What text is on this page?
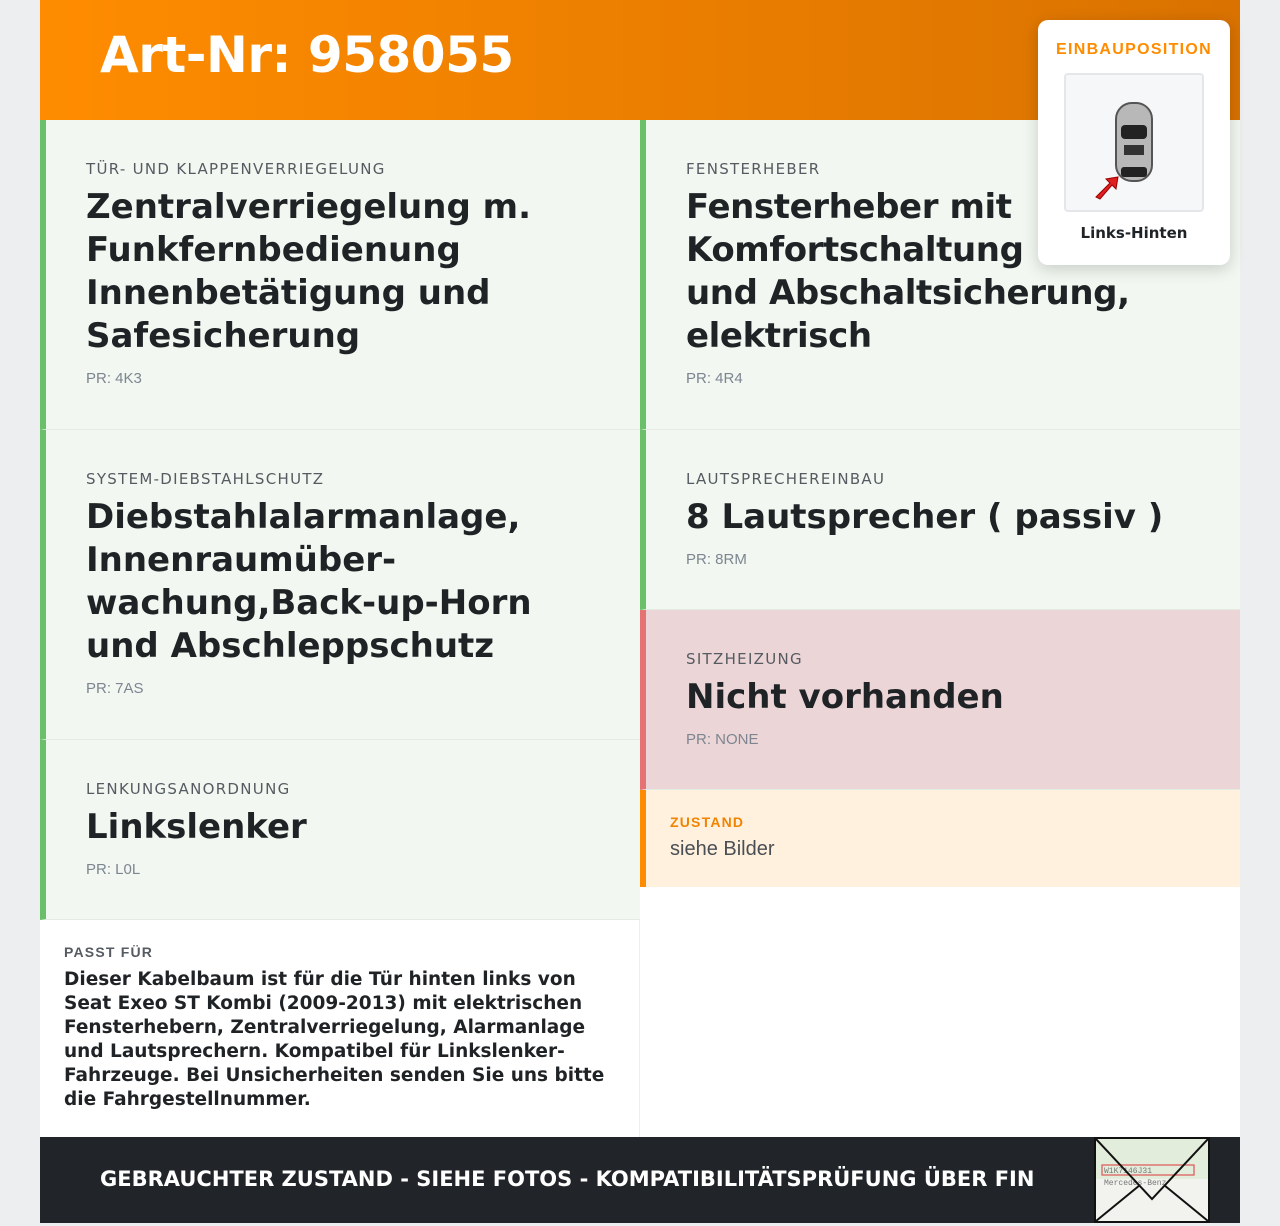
Art-Nr: 958055
TÜR- UND KLAPPENVERRIEGELUNG
Zentralverriegelung m. Funkfernbedienung Innenbetätigung und Safesicherung
PR: 4K3
FENSTERHEBER
Fensterheber mit Komfortschaltung und Abschaltsicherung, elektrisch
PR: 4R4
SYSTEM-DIEBSTAHLSCHUTZ
Diebstahlalarmanlage, Innenraumüber-wachung,Back-up-Horn und Abschleppschutz
PR: 7AS
LAUTSPRECHEREINBAU
8 Lautsprecher ( passiv )
PR: 8RM
LENKUNGSANORDNUNG
Linkslenker
PR: L0L
SITZHEIZUNG
Nicht vorhanden
PR: NONE
ZUSTAND
siehe Bilder
PASST FÜR
Dieser Kabelbaum ist für die Tür hinten links von Seat Exeo ST Kombi (2009-2013) mit elektrischen Fensterhebern, Zentralverriegelung, Alarmanlage und Lautsprechern. Kompatibel für Linkslenker-Fahrzeuge. Bei Unsicherheiten senden Sie uns bitte die Fahrgestellnummer.
GEBRAUCHTER ZUSTAND - SIEHE FOTOS - KOMPATIBILITÄTSPRÜFUNG ÜBER FIN	W1K7146J31
Mercedes-Benz
EINBAUPOSITION
Links-Hinten
